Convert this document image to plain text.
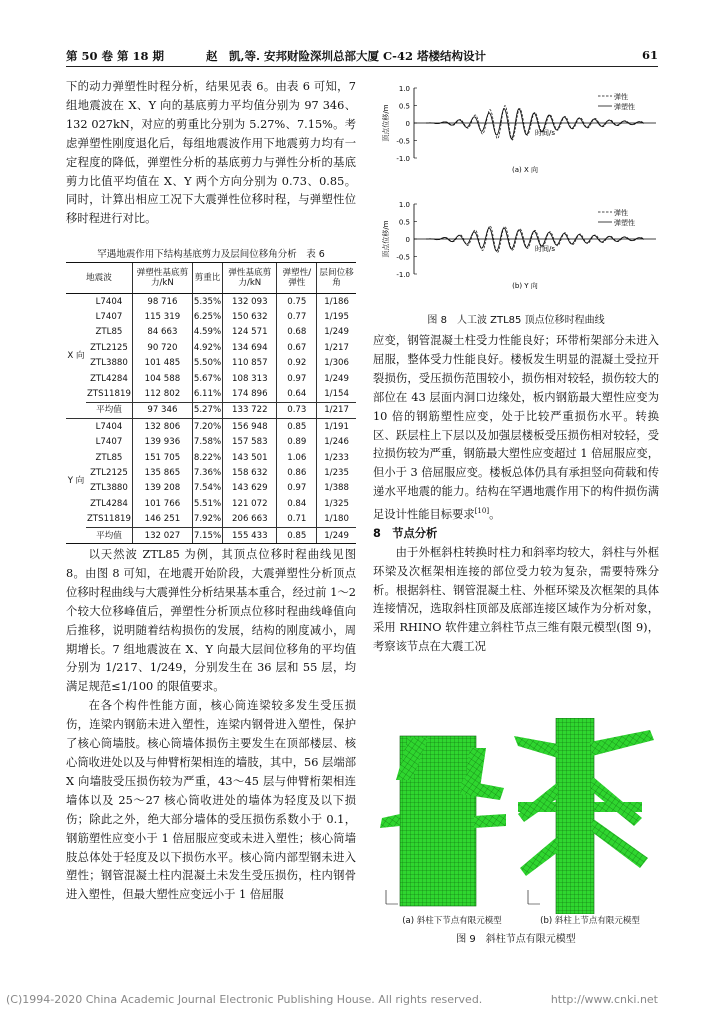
第 50 卷 第 18 期	赵　凯,等. 安邦财险深圳总部大厦 C-42 塔楼结构设计	61

下的动力弹塑性时程分析，结果见表 6。由表 6 可知，7 组地震波在 X、Y 向的基底剪力平均值分别为 97 346、132 027kN，对应的剪重比分别为 5.27%、7.15%。考虑弹塑性刚度退化后，每组地震波作用下地震剪力均有一定程度的降低，弹塑性分析的基底剪力与弹性分析的基底剪力比值平均值在 X、Y 两个方向分别为 0.73、0.85。同时，计算出相应工况下大震弹性位移时程，与弹塑性位移时程进行对比。

罕遇地震作用下结构基底剪力及层间位移角分析　表 6
地震波		弹塑性基底剪力/kN	剪重比	弹性基底剪力/kN	弹塑性/弹性	层间位移角
X 向	L7404	98 716	5.35%	132 093	0.75	1/186
	L7407	115 319	6.25%	150 632	0.77	1/195
	ZTL85	84 663	4.59%	124 571	0.68	1/249
	ZTL2125	90 720	4.92%	134 694	0.67	1/217
	ZTL3880	101 485	5.50%	110 857	0.92	1/306
	ZTL4284	104 588	5.67%	108 313	0.97	1/249
	ZTS11819	112 802	6.11%	174 896	0.64	1/154
	平均值	97 346	5.27%	133 722	0.73	1/217
Y 向	L7404	132 806	7.20%	156 948	0.85	1/191
	L7407	139 936	7.58%	157 583	0.89	1/246
	ZTL85	151 705	8.22%	143 501	1.06	1/233
	ZTL2125	135 865	7.36%	158 632	0.86	1/235
	ZTL3880	139 208	7.54%	143 629	0.97	1/388
	ZTL4284	101 766	5.51%	121 072	0.84	1/325
	ZTS11819	146 251	7.92%	206 663	0.71	1/180
	平均值	132 027	7.15%	155 433	0.85	1/249

以天然波 ZTL85 为例，其顶点位移时程曲线见图 8。由图 8 可知，在地震开始阶段，大震弹塑性分析顶点位移时程曲线与大震弹性分析结果基本重合，经过前 1～2 个较大位移峰值后，弹塑性分析顶点位移时程曲线峰值向后推移，说明随着结构损伤的发展，结构的刚度减小，周期增长。7 组地震波在 X、Y 向最大层间位移角的平均值分别为 1/217、1/249，分别发生在 36 层和 55 层，均满足规范≤1/100 的限值要求。

在各个构件性能方面，核心筒连梁较多发生受压损伤，连梁内钢筋未进入塑性，连梁内钢骨进入塑性，保护了核心筒墙肢。核心筒墙体损伤主要发生在顶部楼层、核心筒收进处以及与伸臂桁架相连的墙肢，其中，56 层端部 X 向墙肢受压损伤较为严重，43～45 层与伸臂桁架相连墙体以及 25～27 核心筒收进处的墙体为轻度及以下损伤；除此之外，绝大部分墙体的受压损伤系数小于 0.1，钢筋塑性应变小于 1 倍屈服应变或未进入塑性；核心筒墙肢总体处于轻度及以下损伤水平。核心筒内部型钢未进入塑性；钢管混凝土柱内混凝土未发生受压损伤，柱内钢骨进入塑性，但最大塑性应变远小于 1 倍屈服

1.0
0.5
0
-0.5
-1.0
顶点位移/m	时间/s
(a) X 向
弹性
弹塑性
1.0
0.5
0
-0.5
-1.0
顶点位移/m	时间/s
(b) Y 向
弹性
弹塑性
图 8　人工波 ZTL85 顶点位移时程曲线

应变，钢管混凝土柱受力性能良好；环带桁架部分未进入屈服，整体受力性能良好。楼板发生明显的混凝土受拉开裂损伤，受压损伤范围较小，损伤相对较轻，损伤较大的部位在 43 层面内洞口边缘处，板内钢筋最大塑性应变为 10 倍的钢筋塑性应变，处于比较严重损伤水平。转换区、跃层柱上下层以及加强层楼板受压损伤相对较轻，受拉损伤较为严重，钢筋最大塑性应变超过 1 倍屈服应变，但小于 3 倍屈服应变。楼板总体仍具有承担竖向荷载和传递水平地震的能力。结构在罕遇地震作用下的构件损伤满足设计性能目标要求[10]。

8　节点分析

由于外框斜柱转换时柱力和斜率均较大，斜柱与外框环梁及次框架相连接的部位受力较为复杂，需要特殊分析。根据斜柱、钢管混凝土柱、外框环梁及次框架的具体连接情况，选取斜柱顶部及底部连接区域作为分析对象，采用 RHINO 软件建立斜柱节点三维有限元模型(图 9)，考察该节点在大震工况

(a) 斜柱下节点有限元模型	(b) 斜柱上节点有限元模型
图 9　斜柱节点有限元模型
(C)1994-2020 China Academic Journal Electronic Publishing House. All rights reserved.	http://www.cnki.net
